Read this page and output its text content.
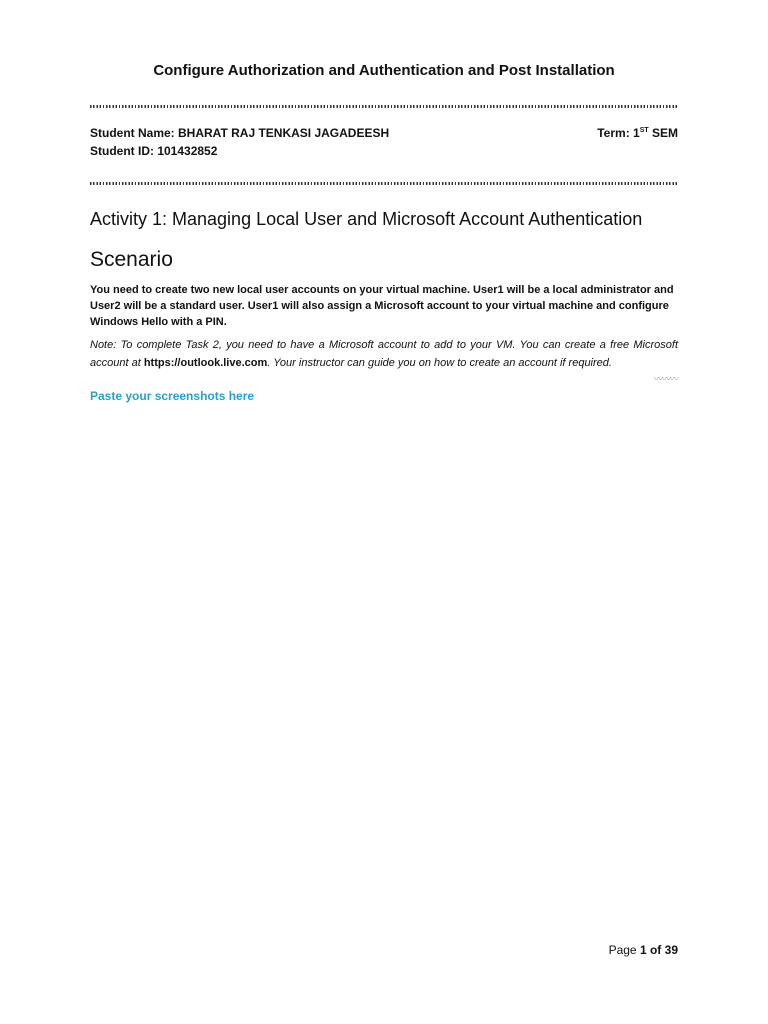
Configure Authorization and Authentication and Post Installation
Student Name: BHARAT RAJ TENKASI JAGADEESH
Student ID: 101432852
Term: 1ST SEM
Activity 1: Managing Local User and Microsoft Account Authentication
Scenario
You need to create two new local user accounts on your virtual machine. User1 will be a local administrator and User2 will be a standard user. User1 will also assign a Microsoft account to your virtual machine and configure Windows Hello with a PIN.
Note: To complete Task 2, you need to have a Microsoft account to add to your VM. You can create a free Microsoft account at https://outlook.live.com. Your instructor can guide you on how to create an account if required.
〰〰〰
Paste your screenshots here
Page 1 of 39
